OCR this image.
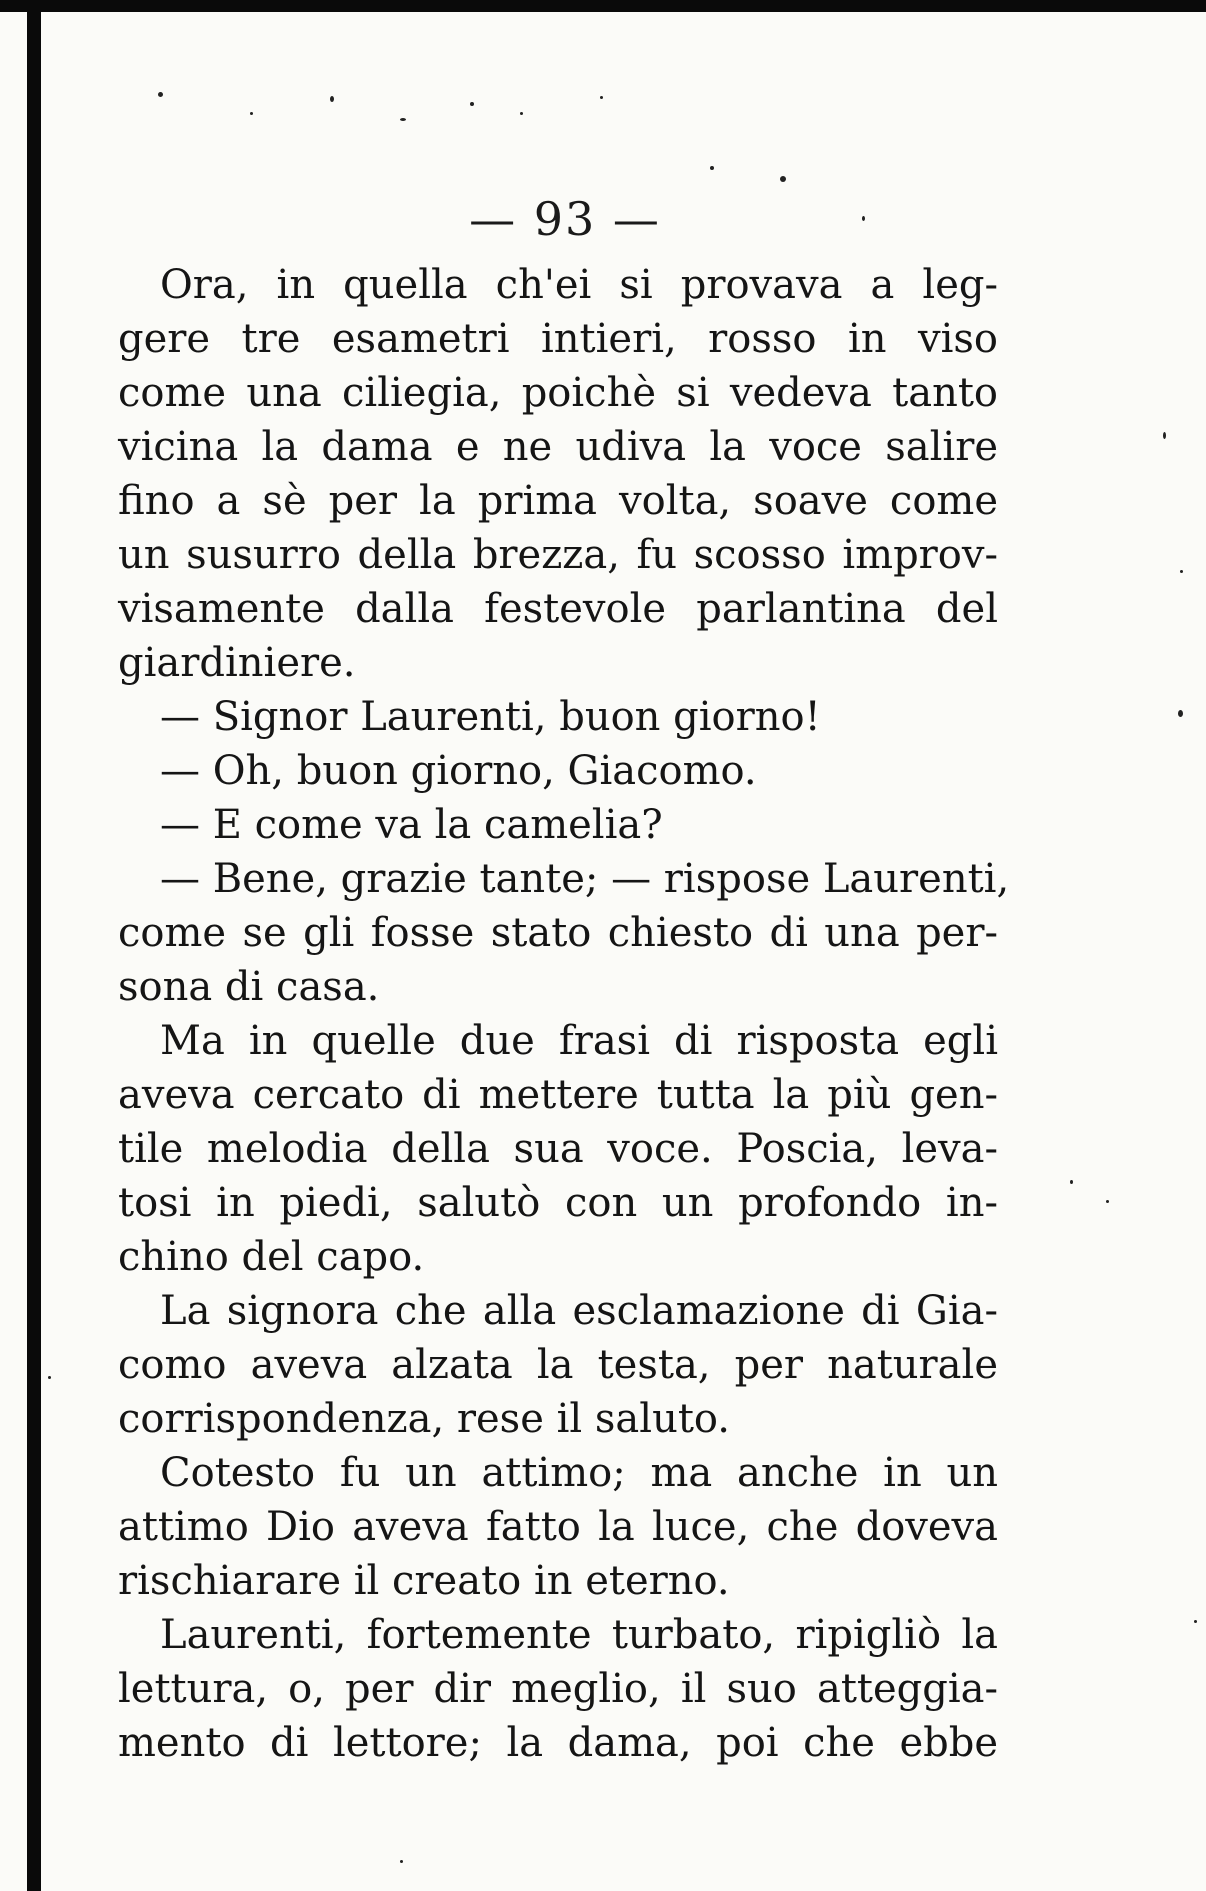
— 93 —
Ora, in quella ch'ei si provava a leg-
gere tre esametri intieri, rosso in viso
come una ciliegia, poichè si vedeva tanto
vicina la dama e ne udiva la voce salire
fino a sè per la prima volta, soave come
un susurro della brezza, fu scosso improv-
visamente dalla festevole parlantina del
giardiniere.
— Signor Laurenti, buon giorno!
— Oh, buon giorno, Giacomo.
— E come va la camelia?
— Bene, grazie tante; — rispose Laurenti,
come se gli fosse stato chiesto di una per-
sona di casa.
Ma in quelle due frasi di risposta egli
aveva cercato di mettere tutta la più gen-
tile melodia della sua voce. Poscia, leva-
tosi in piedi, salutò con un profondo in-
chino del capo.
La signora che alla esclamazione di Gia-
como aveva alzata la testa, per naturale
corrispondenza, rese il saluto.
Cotesto fu un attimo; ma anche in un
attimo Dio aveva fatto la luce, che doveva
rischiarare il creato in eterno.
Laurenti, fortemente turbato, ripigliò la
lettura, o, per dir meglio, il suo atteggia-
mento di lettore; la dama, poi che ebbe
